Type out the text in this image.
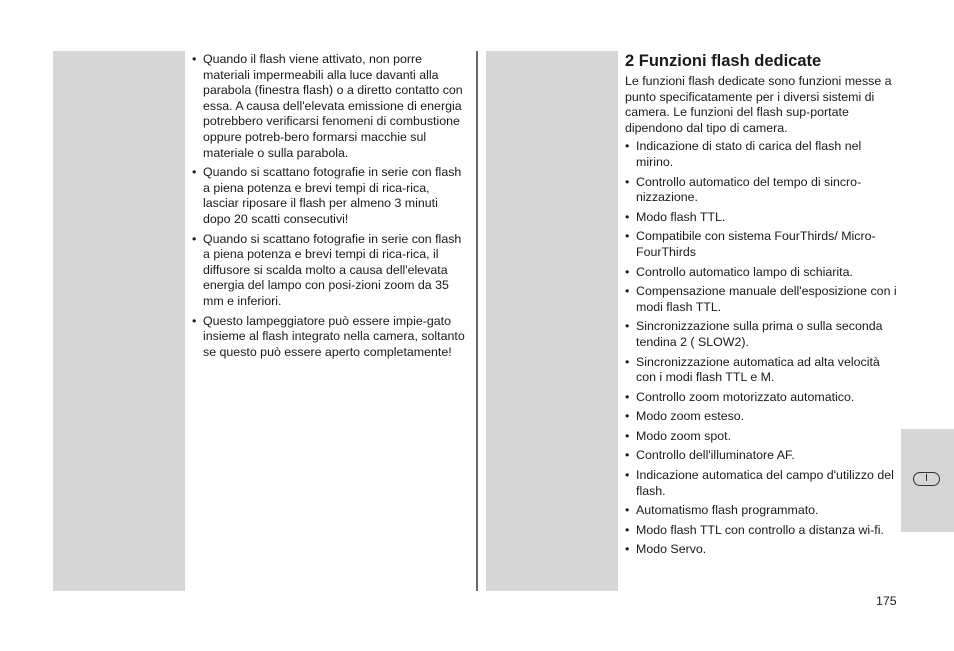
• Quando il flash viene attivato, non porre materiali impermeabili alla luce davanti alla parabola (finestra flash) o a diretto contatto con essa. A causa dell'elevata emissione di energia potrebbero verificarsi fenomeni di combustione oppure potreb-bero formarsi macchie sul materiale o sulla parabola.
• Quando si scattano fotografie in serie con flash a piena potenza e brevi tempi di rica-rica, lasciar riposare il flash per almeno 3 minuti dopo 20 scatti consecutivi!
• Quando si scattano fotografie in serie con flash a piena potenza e brevi tempi di rica-rica, il diffusore si scalda molto a causa dell'elevata energia del lampo con posi-zioni zoom da 35 mm e inferiori.
• Questo lampeggiatore può essere impie-gato insieme al flash integrato nella camera, soltanto se questo può essere aperto completamente!
2 Funzioni flash dedicate

Le funzioni flash dedicate sono funzioni messe a punto specificatamente per i diversi sistemi di camera. Le funzioni del flash sup-portate dipendono dal tipo di camera.

• Indicazione di stato di carica del flash nel mirino.
• Controllo automatico del tempo di sincro-nizzazione.
• Modo flash TTL.
• Compatibile con sistema FourThirds/ Micro-FourThirds
• Controllo automatico lampo di schiarita.
• Compensazione manuale dell'esposizione con i modi flash TTL.
• Sincronizzazione sulla prima o sulla seconda tendina 2 ( SLOW2).
• Sincronizzazione automatica ad alta velocità con i modi flash TTL e M.
• Controllo zoom motorizzato automatico.
• Modo zoom esteso.
• Modo zoom spot.
• Controllo dell'illuminatore AF.
• Indicazione automatica del campo d'utilizzo del flash.
• Automatismo flash programmato.
• Modo flash TTL con controllo a distanza wi-fi.
• Modo Servo.
I
175
